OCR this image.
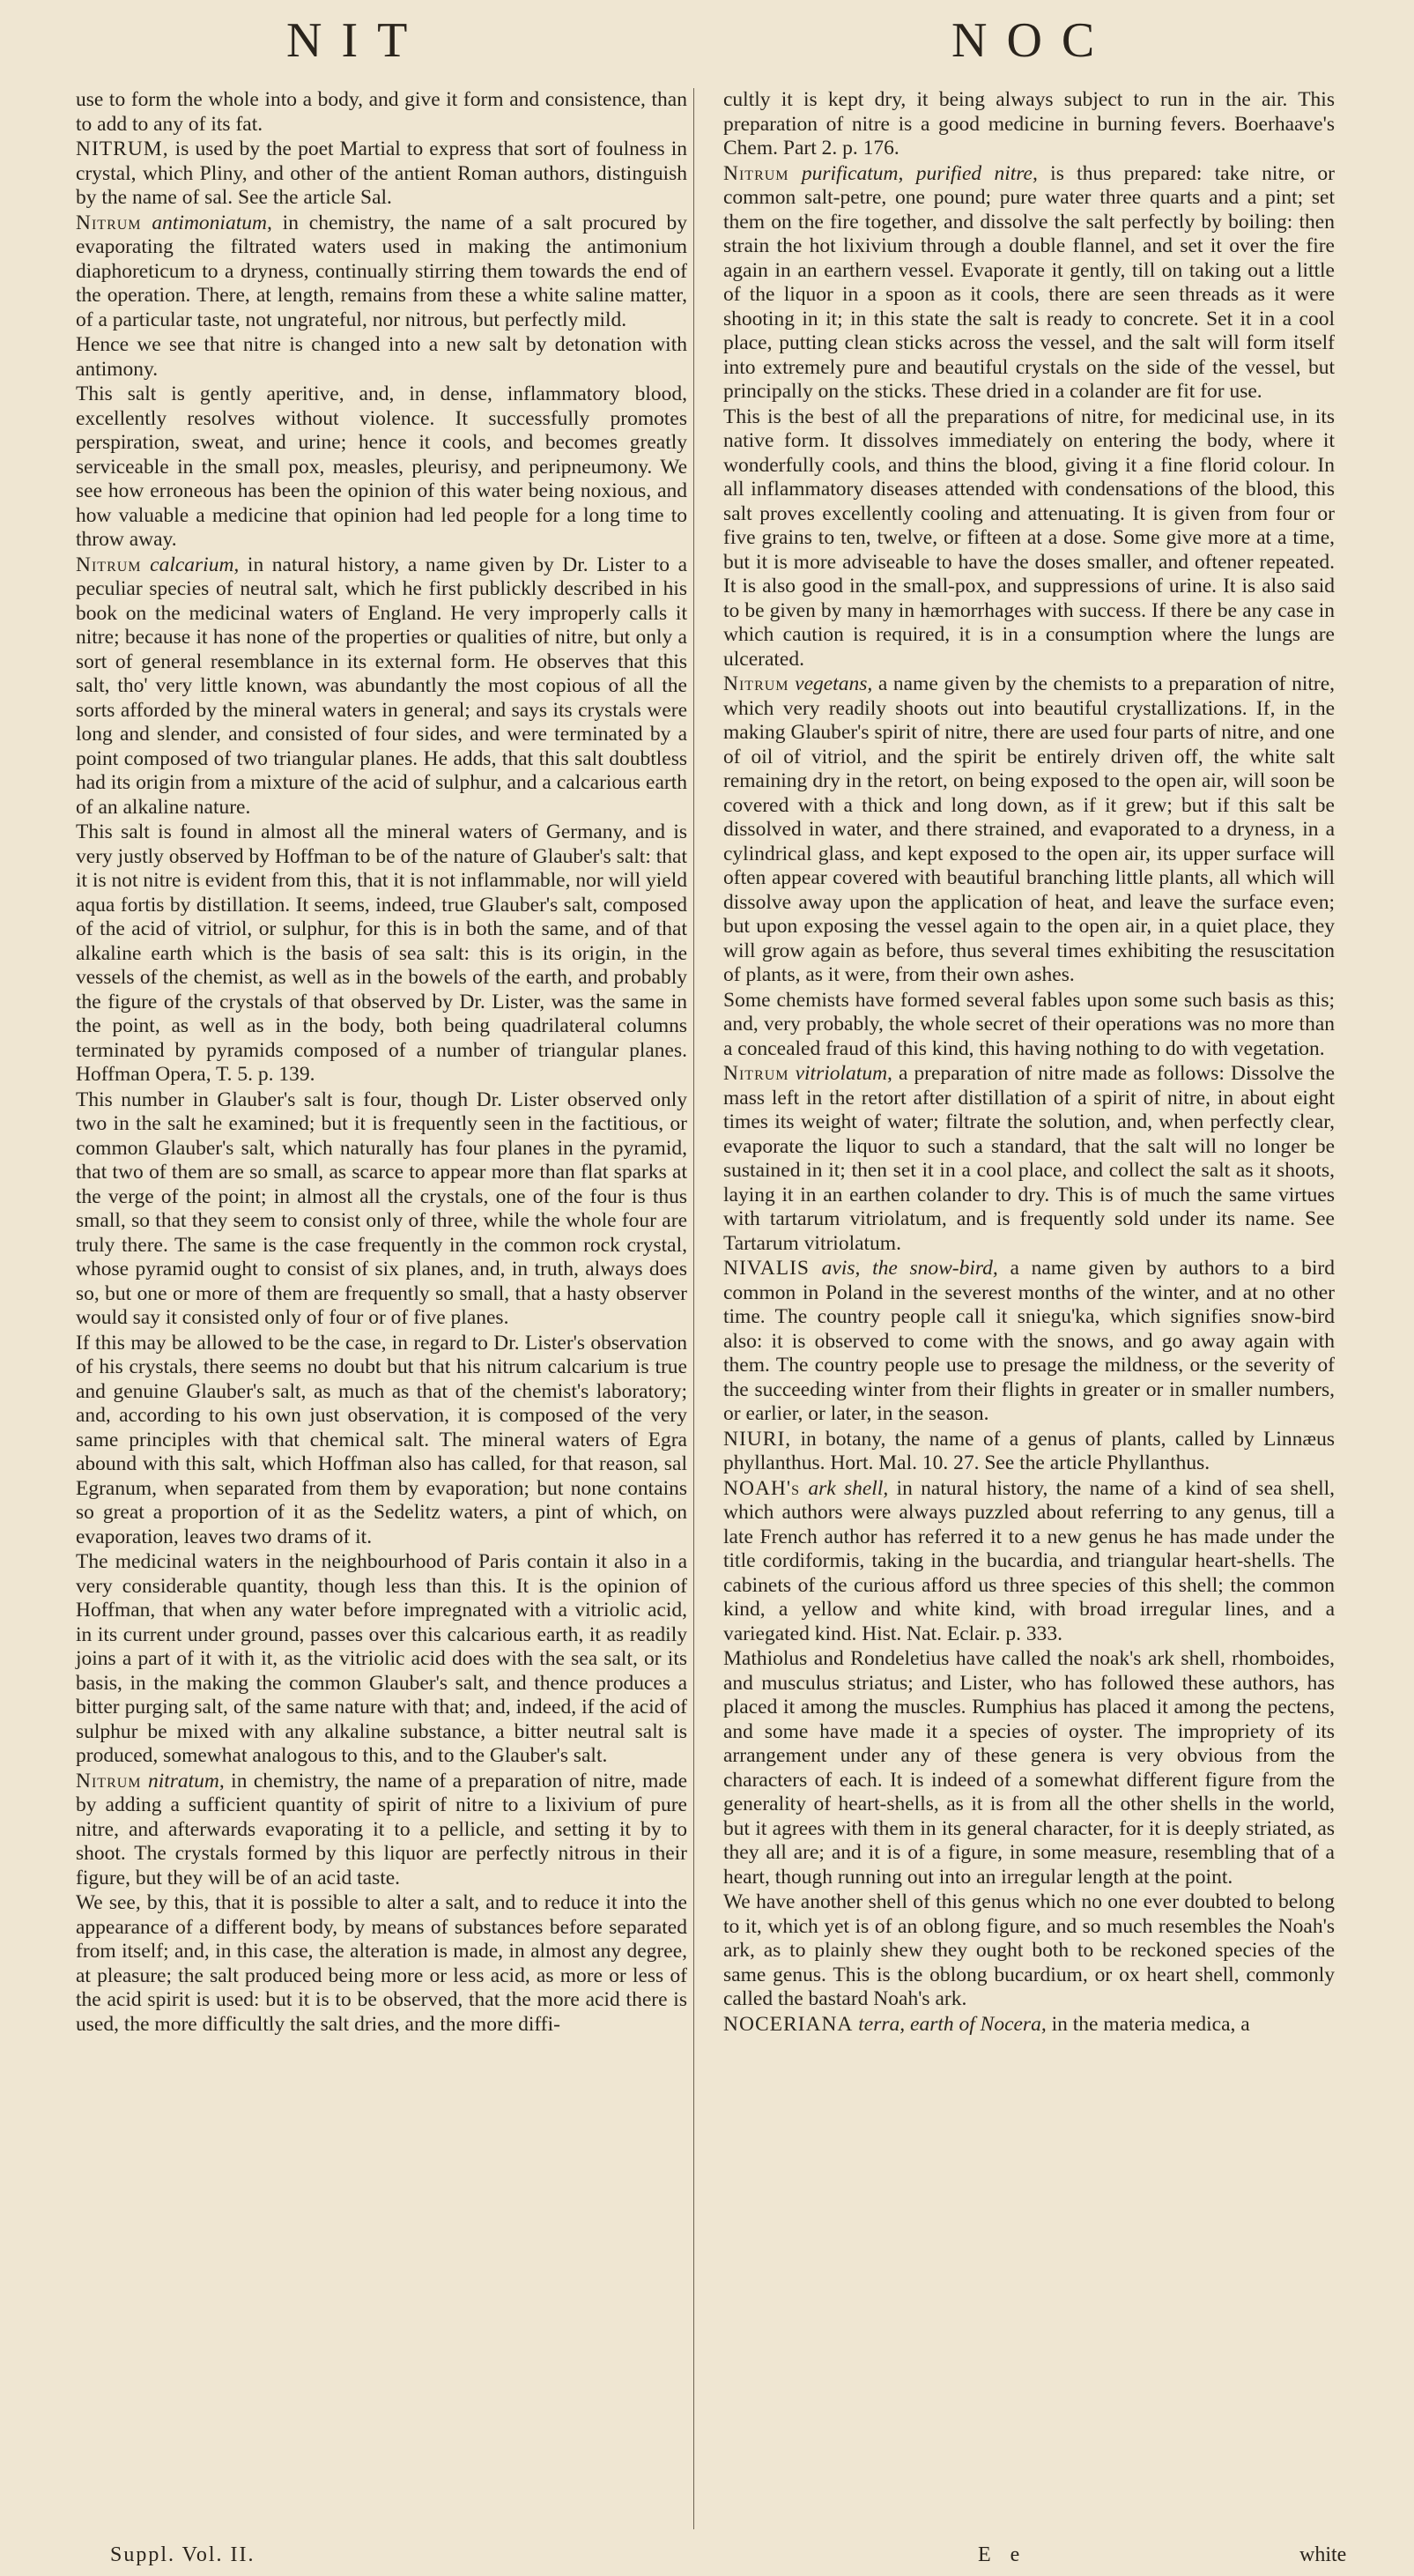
NIT	NOC

use to form the whole into a body, and give it form and consistence, than to add to any of its fat.

NITRUM, is used by the poet Martial to express that sort of foulness in crystal, which Pliny, and other of the antient Roman authors, distinguish by the name of sal. See the article Sal.

Nitrum antimoniatum, in chemistry, the name of a salt procured by evaporating the filtrated waters used in making the antimonium diaphoreticum to a dryness, continually stirring them towards the end of the operation. There, at length, remains from these a white saline matter, of a particular taste, not ungrateful, nor nitrous, but perfectly mild.

Hence we see that nitre is changed into a new salt by detonation with antimony.

This salt is gently aperitive, and, in dense, inflammatory blood, excellently resolves without violence. It successfully promotes perspiration, sweat, and urine; hence it cools, and becomes greatly serviceable in the small pox, measles, pleurisy, and peripneumony. We see how erroneous has been the opinion of this water being noxious, and how valuable a medicine that opinion had led people for a long time to throw away.

Nitrum calcarium, in natural history, a name given by Dr. Lister to a peculiar species of neutral salt, which he first publickly described in his book on the medicinal waters of England. He very improperly calls it nitre; because it has none of the properties or qualities of nitre, but only a sort of general resemblance in its external form. He observes that this salt, tho' very little known, was abundantly the most copious of all the sorts afforded by the mineral waters in general; and says its crystals were long and slender, and consisted of four sides, and were terminated by a point composed of two triangular planes. He adds, that this salt doubtless had its origin from a mixture of the acid of sulphur, and a calcarious earth of an alkaline nature.

This salt is found in almost all the mineral waters of Germany, and is very justly observed by Hoffman to be of the nature of Glauber's salt: that it is not nitre is evident from this, that it is not inflammable, nor will yield aqua fortis by distillation. It seems, indeed, true Glauber's salt, composed of the acid of vitriol, or sulphur, for this is in both the same, and of that alkaline earth which is the basis of sea salt: this is its origin, in the vessels of the chemist, as well as in the bowels of the earth, and probably the figure of the crystals of that observed by Dr. Lister, was the same in the point, as well as in the body, both being quadrilateral columns terminated by pyramids composed of a number of triangular planes. Hoffman Opera, T. 5. p. 139.

This number in Glauber's salt is four, though Dr. Lister observed only two in the salt he examined; but it is frequently seen in the factitious, or common Glauber's salt, which naturally has four planes in the pyramid, that two of them are so small, as scarce to appear more than flat sparks at the verge of the point; in almost all the crystals, one of the four is thus small, so that they seem to consist only of three, while the whole four are truly there. The same is the case frequently in the common rock crystal, whose pyramid ought to consist of six planes, and, in truth, always does so, but one or more of them are frequently so small, that a hasty observer would say it consisted only of four or of five planes.

If this may be allowed to be the case, in regard to Dr. Lister's observation of his crystals, there seems no doubt but that his nitrum calcarium is true and genuine Glauber's salt, as much as that of the chemist's laboratory; and, according to his own just observation, it is composed of the very same principles with that chemical salt. The mineral waters of Egra abound with this salt, which Hoffman also has called, for that reason, sal Egranum, when separated from them by evaporation; but none contains so great a proportion of it as the Sedelitz waters, a pint of which, on evaporation, leaves two drams of it.

The medicinal waters in the neighbourhood of Paris contain it also in a very considerable quantity, though less than this. It is the opinion of Hoffman, that when any water before impregnated with a vitriolic acid, in its current under ground, passes over this calcarious earth, it as readily joins a part of it with it, as the vitriolic acid does with the sea salt, or its basis, in the making the common Glauber's salt, and thence produces a bitter purging salt, of the same nature with that; and, indeed, if the acid of sulphur be mixed with any alkaline substance, a bitter neutral salt is produced, somewhat analogous to this, and to the Glauber's salt.

Nitrum nitratum, in chemistry, the name of a preparation of nitre, made by adding a sufficient quantity of spirit of nitre to a lixivium of pure nitre, and afterwards evaporating it to a pellicle, and setting it by to shoot. The crystals formed by this liquor are perfectly nitrous in their figure, but they will be of an acid taste.

We see, by this, that it is possible to alter a salt, and to reduce it into the appearance of a different body, by means of substances before separated from itself; and, in this case, the alteration is made, in almost any degree, at pleasure; the salt produced being more or less acid, as more or less of the acid spirit is used: but it is to be observed, that the more acid there is used, the more difficultly the salt dries, and the more diffi-

cultly it is kept dry, it being always subject to run in the air. This preparation of nitre is a good medicine in burning fevers. Boerhaave's Chem. Part 2. p. 176.

Nitrum purificatum, purified nitre, is thus prepared: take nitre, or common salt-petre, one pound; pure water three quarts and a pint; set them on the fire together, and dissolve the salt perfectly by boiling: then strain the hot lixivium through a double flannel, and set it over the fire again in an earthern vessel. Evaporate it gently, till on taking out a little of the liquor in a spoon as it cools, there are seen threads as it were shooting in it; in this state the salt is ready to concrete. Set it in a cool place, putting clean sticks across the vessel, and the salt will form itself into extremely pure and beautiful crystals on the side of the vessel, but principally on the sticks. These dried in a colander are fit for use.

This is the best of all the preparations of nitre, for medicinal use, in its native form. It dissolves immediately on entering the body, where it wonderfully cools, and thins the blood, giving it a fine florid colour. In all inflammatory diseases attended with condensations of the blood, this salt proves excellently cooling and attenuating. It is given from four or five grains to ten, twelve, or fifteen at a dose. Some give more at a time, but it is more adviseable to have the doses smaller, and oftener repeated. It is also good in the small-pox, and suppressions of urine. It is also said to be given by many in hæmorrhages with success. If there be any case in which caution is required, it is in a consumption where the lungs are ulcerated.

Nitrum vegetans, a name given by the chemists to a preparation of nitre, which very readily shoots out into beautiful crystallizations. If, in the making Glauber's spirit of nitre, there are used four parts of nitre, and one of oil of vitriol, and the spirit be entirely driven off, the white salt remaining dry in the retort, on being exposed to the open air, will soon be covered with a thick and long down, as if it grew; but if this salt be dissolved in water, and there strained, and evaporated to a dryness, in a cylindrical glass, and kept exposed to the open air, its upper surface will often appear covered with beautiful branching little plants, all which will dissolve away upon the application of heat, and leave the surface even; but upon exposing the vessel again to the open air, in a quiet place, they will grow again as before, thus several times exhibiting the resuscitation of plants, as it were, from their own ashes.

Some chemists have formed several fables upon some such basis as this; and, very probably, the whole secret of their operations was no more than a concealed fraud of this kind, this having nothing to do with vegetation.

Nitrum vitriolatum, a preparation of nitre made as follows: Dissolve the mass left in the retort after distillation of a spirit of nitre, in about eight times its weight of water; filtrate the solution, and, when perfectly clear, evaporate the liquor to such a standard, that the salt will no longer be sustained in it; then set it in a cool place, and collect the salt as it shoots, laying it in an earthen colander to dry. This is of much the same virtues with tartarum vitriolatum, and is frequently sold under its name. See Tartarum vitriolatum.

NIVALIS avis, the snow-bird, a name given by authors to a bird common in Poland in the severest months of the winter, and at no other time. The country people call it sniegu'ka, which signifies snow-bird also: it is observed to come with the snows, and go away again with them. The country people use to presage the mildness, or the severity of the succeeding winter from their flights in greater or in smaller numbers, or earlier, or later, in the season.

NIURI, in botany, the name of a genus of plants, called by Linnæus phyllanthus. Hort. Mal. 10. 27. See the article Phyllanthus.

NOAH's ark shell, in natural history, the name of a kind of sea shell, which authors were always puzzled about referring to any genus, till a late French author has referred it to a new genus he has made under the title cordiformis, taking in the bucardia, and triangular heart-shells. The cabinets of the curious afford us three species of this shell; the common kind, a yellow and white kind, with broad irregular lines, and a variegated kind. Hist. Nat. Eclair. p. 333.

Mathiolus and Rondeletius have called the noak's ark shell, rhomboides, and musculus striatus; and Lister, who has followed these authors, has placed it among the muscles. Rumphius has placed it among the pectens, and some have made it a species of oyster. The impropriety of its arrangement under any of these genera is very obvious from the characters of each. It is indeed of a somewhat different figure from the generality of heart-shells, as it is from all the other shells in the world, but it agrees with them in its general character, for it is deeply striated, as they all are; and it is of a figure, in some measure, resembling that of a heart, though running out into an irregular length at the point.

We have another shell of this genus which no one ever doubted to belong to it, which yet is of an oblong figure, and so much resembles the Noah's ark, as to plainly shew they ought both to be reckoned species of the same genus. This is the oblong bucardium, or ox heart shell, commonly called the bastard Noah's ark.

NOCERIANA terra, earth of Nocera, in the materia medica, a

Suppl. Vol. II.	E e	white
